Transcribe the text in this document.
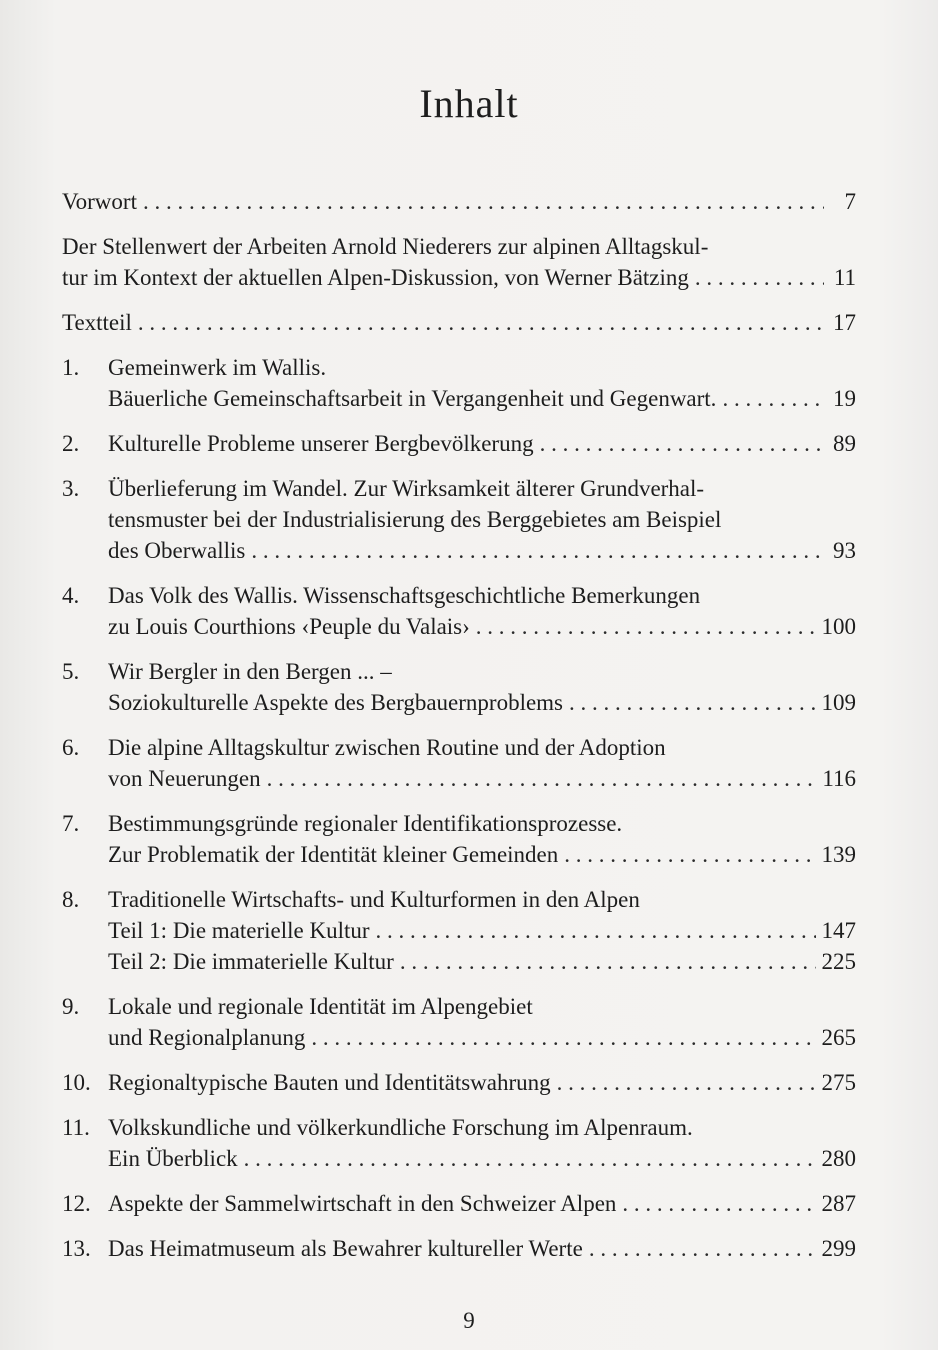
Inhalt
Vorwort . . .	7
Der Stellenwert der Arbeiten Arnold Niederers zur alpinen Alltagskul-
tur im Kontext der aktuellen Alpen-Diskussion, von Werner Bätzing . . .	11
Textteil . . .	17
1.	Gemeinwerk im Wallis.
Bäuerliche Gemeinschaftsarbeit in Vergangenheit und Gegenwart. . . .	19
2.	Kulturelle Probleme unserer Bergbevölkerung . . .	89
3.	Überlieferung im Wandel. Zur Wirksamkeit älterer Grundverhal-
tensmuster bei der Industrialisierung des Berggebietes am Beispiel
des Oberwallis . . .	93
4.	Das Volk des Wallis. Wissenschaftsgeschichtliche Bemerkungen
zu Louis Courthions ‹Peuple du Valais› . . .	100
5.	Wir Bergler in den Bergen ... –
Soziokulturelle Aspekte des Bergbauernproblems . . .	109
6.	Die alpine Alltagskultur zwischen Routine und der Adoption
von Neuerungen . . .	116
7.	Bestimmungsgründe regionaler Identifikationsprozesse.
Zur Problematik der Identität kleiner Gemeinden . . .	139
8.	Traditionelle Wirtschafts- und Kulturformen in den Alpen
Teil 1: Die materielle Kultur . . .	147
Teil 2: Die immaterielle Kultur . . .	225
9.	Lokale und regionale Identität im Alpengebiet
und Regionalplanung . . .	265
10. Regionaltypische Bauten und Identitätswahrung . . .	275
11. Volkskundliche und völkerkundliche Forschung im Alpenraum.
Ein Überblick . . .	280
12. Aspekte der Sammelwirtschaft in den Schweizer Alpen . . .	287
13. Das Heimatmuseum als Bewahrer kultureller Werte . . .	299
9
